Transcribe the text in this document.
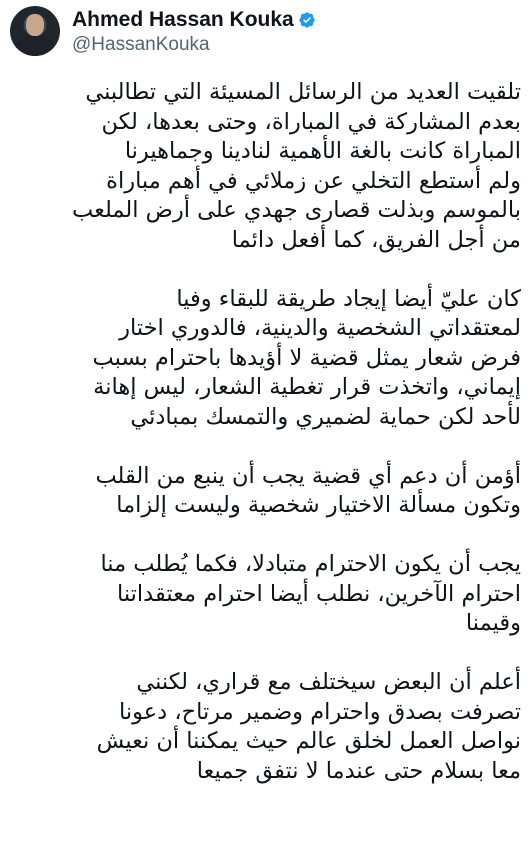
Ahmed Hassan Kouka
@HassanKouka
تلقيت العديد من الرسائل المسيئة التي تطالبني
بعدم المشاركة في المباراة، وحتى بعدها، لكن
المباراة كانت بالغة الأهمية لنادينا وجماهيرنا
ولم أستطع التخلي عن زملائي في أهم مباراة
بالموسم وبذلت قصارى جهدي على أرض الملعب
من أجل الفريق، كما أفعل دائما
كان عليّ أيضا إيجاد طريقة للبقاء وفيا
لمعتقداتي الشخصية والدينية، فالدوري اختار
فرض شعار يمثل قضية لا أؤيدها باحترام بسبب
إيماني، واتخذت قرار تغطية الشعار، ليس إهانة
لأحد لكن حماية لضميري والتمسك بمبادئي
أؤمن أن دعم أي قضية يجب أن ينبع من القلب
وتكون مسألة الاختيار شخصية وليست إلزاما
يجب أن يكون الاحترام متبادلا، فكما يُطلب منا
احترام الآخرين، نطلب أيضا احترام معتقداتنا
وقيمنا
أعلم أن البعض سيختلف مع قراري، لكنني
تصرفت بصدق واحترام وضمير مرتاح، دعونا
نواصل العمل لخلق عالم حيث يمكننا أن نعيش
معا بسلام حتى عندما لا نتفق جميعا
